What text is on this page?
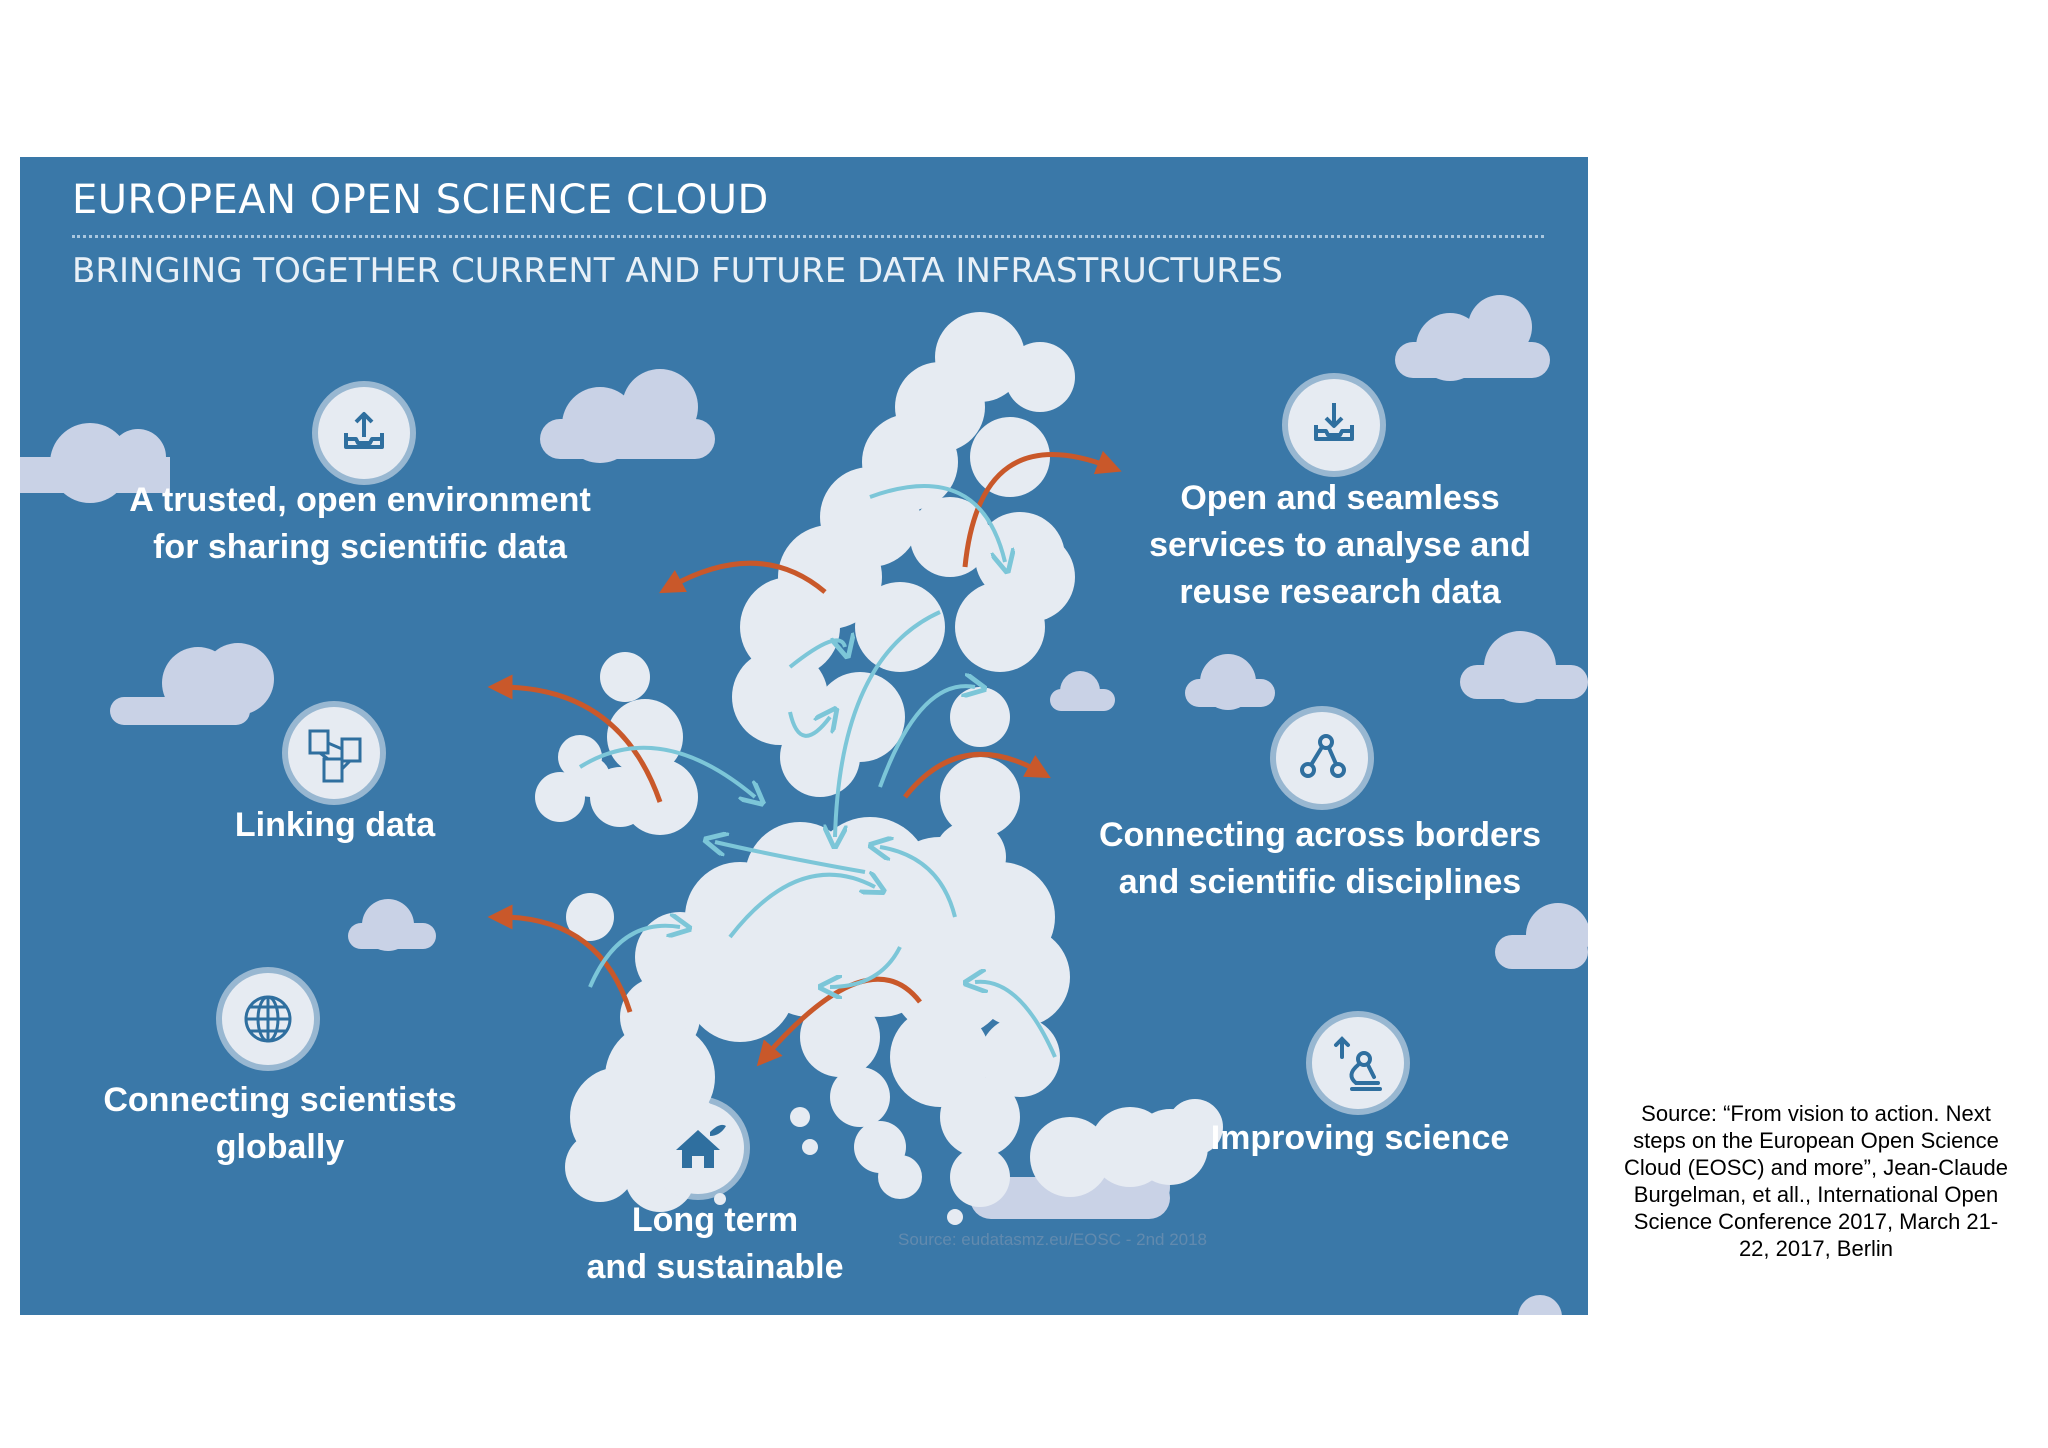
EUROPEAN OPEN SCIENCE CLOUD
BRINGING TOGETHER CURRENT AND FUTURE DATA INFRASTRUCTURES
A trusted, open environment
for sharing scientific data
Open and seamless
services to analyse and
reuse research data
Linking data	Connecting across borders
and scientific disciplines
Connecting scientists
globally	Improving science
Long term
and sustainable
Source: eudatasmz.eu/EOSC - 2nd 2018
Source: “From vision to action. Next
steps on the European Open Science
Cloud (EOSC) and more”, Jean-Claude
Burgelman, et all., International Open
Science Conference 2017, March 21-
22, 2017, Berlin
